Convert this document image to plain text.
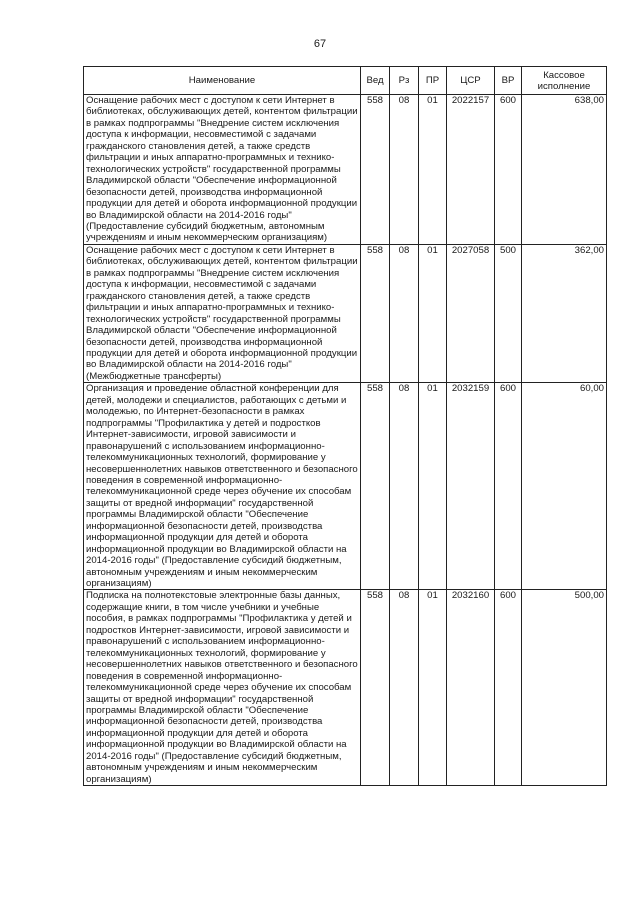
67
Наименование	Вед	Рз	ПР	ЦСР	ВР	Кассовое исполнение
Оснащение рабочих мест с доступом к сети Интернет в библиотеках, обслуживающих детей, контентом фильтрации в рамках подпрограммы "Внедрение систем исключения доступа к информации, несовместимой с задачами гражданского становления детей, а также средств фильтрации и иных аппаратно-программных и технико-технологических устройств" государственной программы Владимирской области "Обеспечение информационной безопасности детей, производства информационной продукции для детей и оборота информационной продукции во Владимирской области на 2014-2016 годы" (Предоставление субсидий бюджетным, автономным учреждениям и иным некоммерческим организациям)	558	08	01	2022157	600	638,00
Оснащение рабочих мест с доступом к сети Интернет в библиотеках, обслуживающих детей, контентом фильтрации в рамках подпрограммы "Внедрение систем исключения доступа к информации, несовместимой с задачами гражданского становления детей, а также средств фильтрации и иных аппаратно-программных и технико-технологических устройств" государственной программы Владимирской области "Обеспечение информационной безопасности детей, производства информационной продукции для детей и оборота информационной продукции во Владимирской области на 2014-2016 годы" (Межбюджетные трансферты)	558	08	01	2027058	500	362,00
Организация и проведение областной конференции для детей, молодежи и специалистов, работающих с детьми и молодежью, по Интернет-безопасности в рамках подпрограммы "Профилактика у детей и подростков Интернет-зависимости, игровой зависимости и правонарушений с использованием информационно-телекоммуникационных технологий, формирование у несовершеннолетних навыков ответственного и безопасного поведения в современной информационно-телекоммуникационной среде через обучение их способам защиты от вредной информации" государственной программы Владимирской области "Обеспечение информационной безопасности детей, производства информационной продукции для детей и оборота информационной продукции во Владимирской области на 2014-2016 годы" (Предоставление субсидий бюджетным, автономным учреждениям и иным некоммерческим организациям)	558	08	01	2032159	600	60,00
Подписка на полнотекстовые электронные базы данных, содержащие книги, в том числе учебники и учебные пособия, в рамках подпрограммы "Профилактика у детей и подростков Интернет-зависимости, игровой зависимости и правонарушений с использованием информационно-телекоммуникационных технологий, формирование у несовершеннолетних навыков ответственного и безопасного поведения в современной информационно-телекоммуникационной среде через обучение их способам защиты от вредной информации" государственной программы Владимирской области "Обеспечение информационной безопасности детей, производства информационной продукции для детей и оборота информационной продукции во Владимирской области на 2014-2016 годы" (Предоставление субсидий бюджетным, автономным учреждениям и иным некоммерческим организациям)	558	08	01	2032160	600	500,00
